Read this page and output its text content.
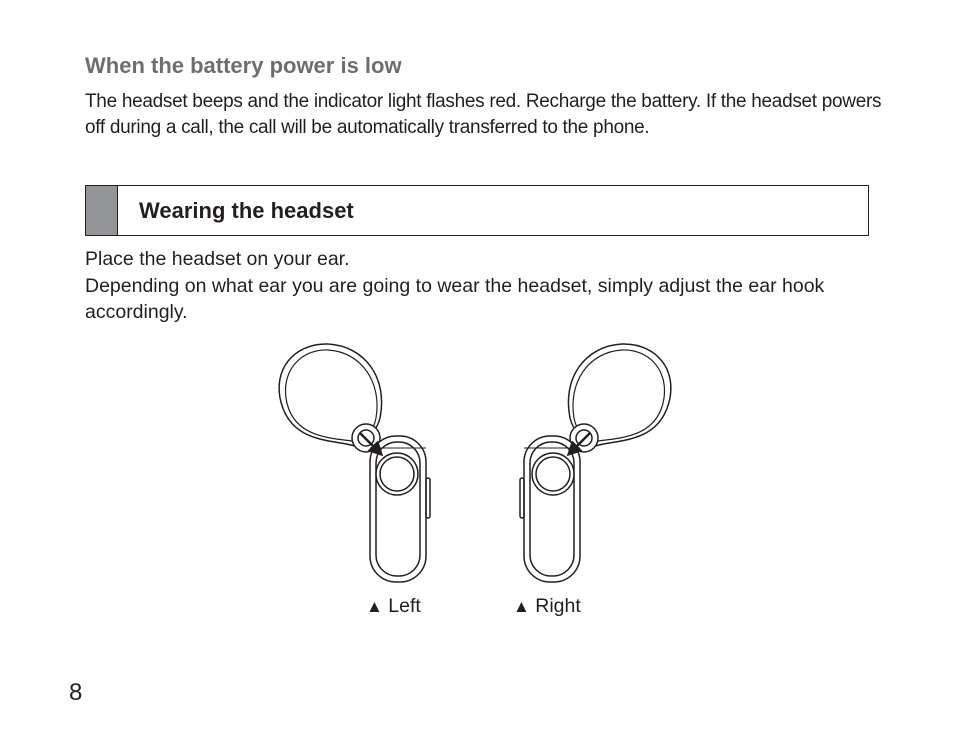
When the battery power is low

The headset beeps and the indicator light flashes red. Recharge the battery. If the headset powers off during a call, the call will be automatically transferred to the phone.

Wearing the headset
Place the headset on your ear.
Depending on what ear you are going to wear the headset, simply adjust the ear hook accordingly.
▲ Left	▲ Right
8
